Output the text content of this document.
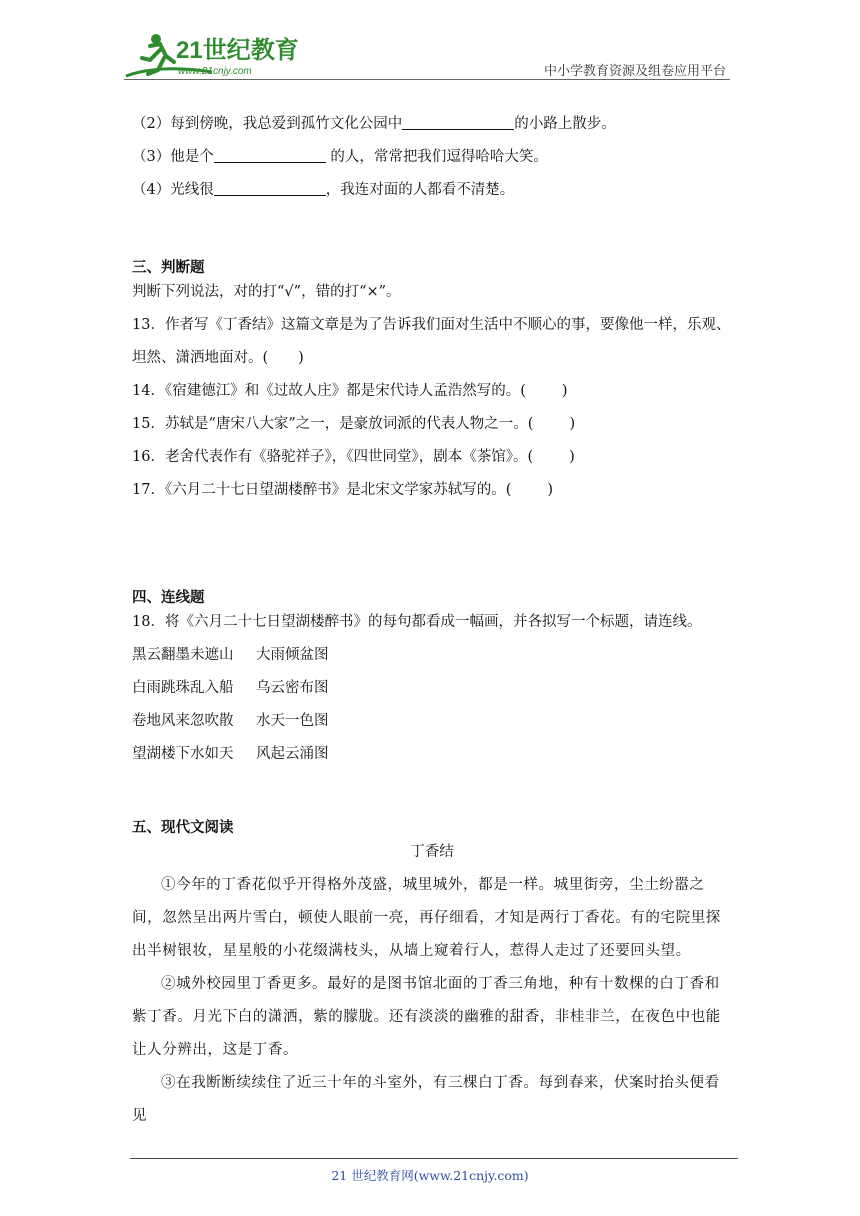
21世纪教育
www.21cnjy.com	中小学教育资源及组卷应用平台
（2）每到傍晚，我总爱到孤竹文化公园中	的小路上散步。
（3）他是个	的人，常常把我们逗得哈哈大笑。
（4）光线很	，我连对面的人都看不清楚。
三、判断题
判断下列说法，对的打“√”，错的打“×”。
13．作者写《丁香结》这篇文章是为了告诉我们面对生活中不顺心的事，要像他一样，乐观、
坦然、潇洒地面对。( )
14．《宿建德江》和《过故人庄》都是宋代诗人孟浩然写的。( )
15．苏轼是“唐宋八大家”之一，是豪放词派的代表人物之一。( )
16．老舍代表作有《骆驼祥子》，《四世同堂》，剧本《茶馆》。( )
17．《六月二十七日望湖楼醉书》是北宋文学家苏轼写的。( )
四、连线题
18．将《六月二十七日望湖楼醉书》的每句都看成一幅画，并各拟写一个标题，请连线。
黑云翻墨未遮山	大雨倾盆图
白雨跳珠乱入船	乌云密布图
卷地风来忽吹散	水天一色图
望湖楼下水如天	风起云涌图
五、现代文阅读
丁香结
①今年的丁香花似乎开得格外茂盛，城里城外，都是一样。城里街旁，尘土纷嚣之间，忽然呈出两片雪白，顿使人眼前一亮，再仔细看，才知是两行丁香花。有的宅院里探出半树银妆，星星般的小花缀满枝头，从墙上窥着行人，惹得人走过了还要回头望。
②城外校园里丁香更多。最好的是图书馆北面的丁香三角地，种有十数棵的白丁香和紫丁香。月光下白的潇洒，紫的朦胧。还有淡淡的幽雅的甜香，非桂非兰，在夜色中也能让人分辨出，这是丁香。
③在我断断续续住了近三十年的斗室外，有三棵白丁香。每到春来，伏案时抬头便看见
21 世纪教育网(www.21cnjy.com)
